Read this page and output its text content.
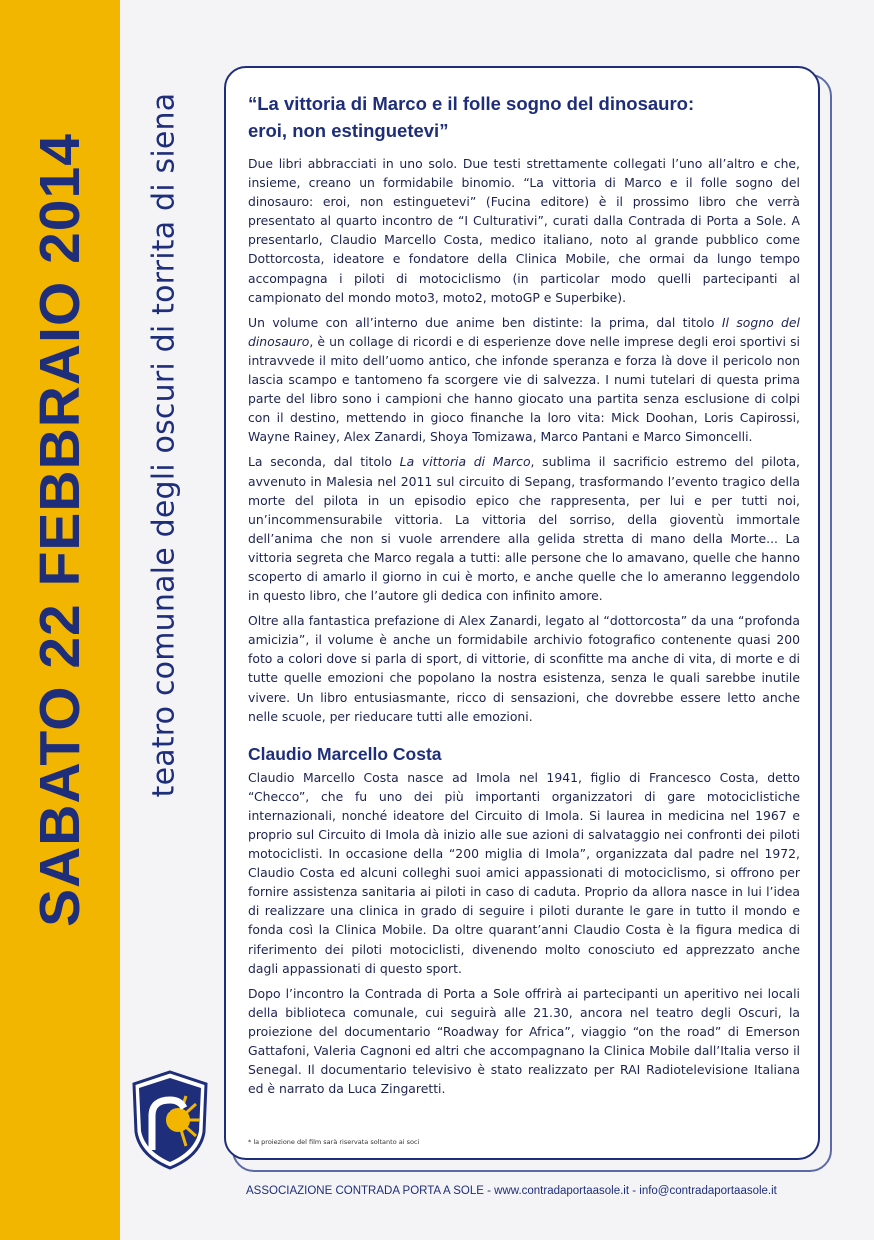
SABATO 22 FEBBRAIO 2014 teatro comunale degli oscuri di torrita di siena	“La vittoria di Marco e il folle sogno del dinosauro:
eroi, non estinguetevi”

Due libri abbracciati in uno solo. Due testi strettamente collegati l’uno all’altro e che, insieme, creano un formidabile binomio. “La vittoria di Marco e il folle sogno del dinosauro: eroi, non estinguetevi” (Fucina editore) è il prossimo libro che verrà presentato al quarto incontro de “I Culturativi”, curati dalla Contrada di Porta a Sole. A presentarlo, Claudio Marcello Costa, medico italiano, noto al grande pubblico come Dottorcosta, ideatore e fondatore della Clinica Mobile, che ormai da lungo tempo accompagna i piloti di motociclismo (in particolar modo quelli partecipanti al campionato del mondo moto3, moto2, motoGP e Superbike).

Un volume con all’interno due anime ben distinte: la prima, dal titolo Il sogno del dinosauro, è un collage di ricordi e di esperienze dove nelle imprese degli eroi sportivi si intravvede il mito dell’uomo antico, che infonde speranza e forza là dove il pericolo non lascia scampo e tantomeno fa scorgere vie di salvezza. I numi tutelari di questa prima parte del libro sono i campioni che hanno giocato una partita senza esclusione di colpi con il destino, mettendo in gioco finanche la loro vita: Mick Doohan, Loris Capirossi, Wayne Rainey, Alex Zanardi, Shoya Tomizawa, Marco Pantani e Marco Simoncelli.

La seconda, dal titolo La vittoria di Marco, sublima il sacrificio estremo del pilota, avvenuto in Malesia nel 2011 sul circuito di Sepang, trasformando l’evento tragico della morte del pilota in un episodio epico che rappresenta, per lui e per tutti noi, un’incommensurabile vittoria. La vittoria del sorriso, della gioventù immortale dell’anima che non si vuole arrendere alla gelida stretta di mano della Morte... La vittoria segreta che Marco regala a tutti: alle persone che lo amavano, quelle che hanno scoperto di amarlo il giorno in cui è morto, e anche quelle che lo ameranno leggendolo in questo libro, che l’autore gli dedica con infinito amore.

Oltre alla fantastica prefazione di Alex Zanardi, legato al “dottorcosta” da una “profonda amicizia”, il volume è anche un formidabile archivio fotografico contenente quasi 200 foto a colori dove si parla di sport, di vittorie, di sconfitte ma anche di vita, di morte e di tutte quelle emozioni che popolano la nostra esistenza, senza le quali sarebbe inutile vivere. Un libro entusiasmante, ricco di sensazioni, che dovrebbe essere letto anche nelle scuole, per rieducare tutti alle emozioni.

Claudio Marcello Costa

Claudio Marcello Costa nasce ad Imola nel 1941, figlio di Francesco Costa, detto “Checco”, che fu uno dei più importanti organizzatori di gare motociclistiche internazionali, nonché ideatore del Circuito di Imola. Si laurea in medicina nel 1967 e proprio sul Circuito di Imola dà inizio alle sue azioni di salvataggio nei confronti dei piloti motociclisti. In occasione della “200 miglia di Imola”, organizzata dal padre nel 1972, Claudio Costa ed alcuni colleghi suoi amici appassionati di motociclismo, si offrono per fornire assistenza sanitaria ai piloti in caso di caduta. Proprio da allora nasce in lui l’idea di realizzare una clinica in grado di seguire i piloti durante le gare in tutto il mondo e fonda così la Clinica Mobile. Da oltre quarant’anni Claudio Costa è la figura medica di riferimento dei piloti motociclisti, divenendo molto conosciuto ed apprezzato anche dagli appassionati di questo sport.

Dopo l’incontro la Contrada di Porta a Sole offrirà ai partecipanti un aperitivo nei locali della biblioteca comunale, cui seguirà alle 21.30, ancora nel teatro degli Oscuri, la proiezione del documentario “Roadway for Africa”, viaggio “on the road” di Emerson Gattafoni, Valeria Cagnoni ed altri che accompagnano la Clinica Mobile dall’Italia verso il Senegal. Il documentario televisivo è stato realizzato per RAI Radiotelevisione Italiana ed è narrato da Luca Zingaretti.

* la proiezione del film sarà riservata soltanto ai soci
ASSOCIAZIONE CONTRADA PORTA A SOLE - www.contradaportaasole.it - info@contradaportaasole.it
